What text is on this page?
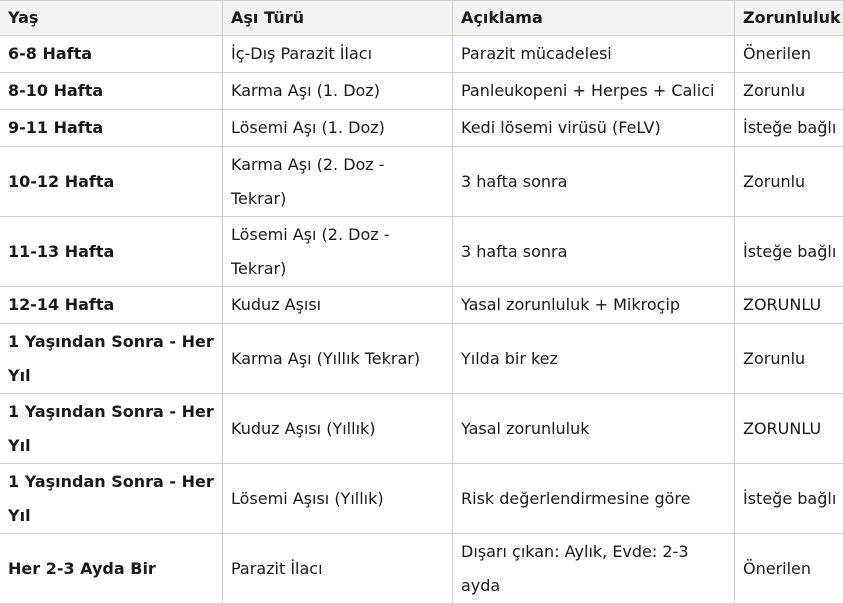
Yaş	Aşı Türü	Açıklama	Zorunluluk
6-8 Hafta	İç-Dış Parazit İlacı	Parazit mücadelesi	Önerilen
8-10 Hafta	Karma Aşı (1. Doz)	Panleukopeni + Herpes + Calici	Zorunlu
9-11 Hafta	Lösemi Aşı (1. Doz)	Kedi lösemi virüsü (FeLV)	İsteğe bağlı
10-12 Hafta	Karma Aşı (2. Doz - Tekrar)	3 hafta sonra	Zorunlu
11-13 Hafta	Lösemi Aşı (2. Doz - Tekrar)	3 hafta sonra	İsteğe bağlı
12-14 Hafta	Kuduz Aşısı	Yasal zorunluluk + Mikroçip	ZORUNLU
1 Yaşından Sonra - Her Yıl	Karma Aşı (Yıllık Tekrar)	Yılda bir kez	Zorunlu
1 Yaşından Sonra - Her Yıl	Kuduz Aşısı (Yıllık)	Yasal zorunluluk	ZORUNLU
1 Yaşından Sonra - Her Yıl	Lösemi Aşısı (Yıllık)	Risk değerlendirmesine göre	İsteğe bağlı
Her 2-3 Ayda Bir	Parazit İlacı	Dışarı çıkan: Aylık, Evde: 2-3 ayda	Önerilen
